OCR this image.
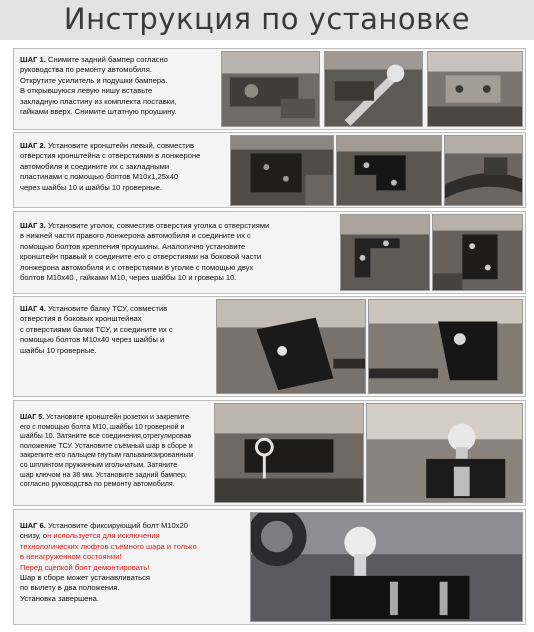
Инструкция по установке
ШАГ 1. Снимите задний бампер согласно
руководства по ремонту автомобиля.
Открутите усилитель и подушки бампера.
В открывшуюся левую нишу вставьте
закладную пластину из комплекта поставки,
гайками вверх. Снимите штатную проушину.
ШАГ 2. Установите кронштейн левый, совместив
отверстия кронштейна с отверстиями в лонжероне
автомобиля и соедините их с закладными
пластинами с помощью болтов М10х1,25х40
через шайбы 10 и шайбы 10 гроверные.
ШАГ 3. Установите уголок, совместив отверстия уголка с отверстиями
в нижней части правого лонжерона автомобиля и соедините их с
помощью болтов крепления проушины. Аналогично установите
кронштейн правый и соедините его с отверстиями на боковой части
лонжерона автомобиля и с отверстиями в уголке с помощью двух
болтов М10х40 , гайками М10, через шайбы 10 и гроверы 10.
ШАГ 4. Установите балку ТСУ, совместив
отверстия в боковых кронштейнах
с отверстиями балки ТСУ, и соедините их с
помощью болтов М10х40 через шайбы и
шайбы 10 гроверные.
ШАГ 5. Установите кронштейн розетки и закрепите
его с помощью болта М10, шайбы 10 гроверной и
шайбы 10. Затяните все соединения,отрегулировав
положение ТСУ. Установите съёмный шар в сборе и
закрепите его пальцем гнутым гальванизированным
со шплинтом пружинным игольчатым. Затяните
шар ключом на 38 мм. Установите задний бампер,
согласно руководства по ремонту автомобиля.
ШАГ 6. Установите фиксирующий болт М10х20
снизу, он используется для исключения
технологических люфтов съемного шара и только
в ненагруженном состоянии!
Перед сцепкой болт демонтировать!
Шар в сборе может устанавливаться
по вылету в два положения.
Установка завершена.
